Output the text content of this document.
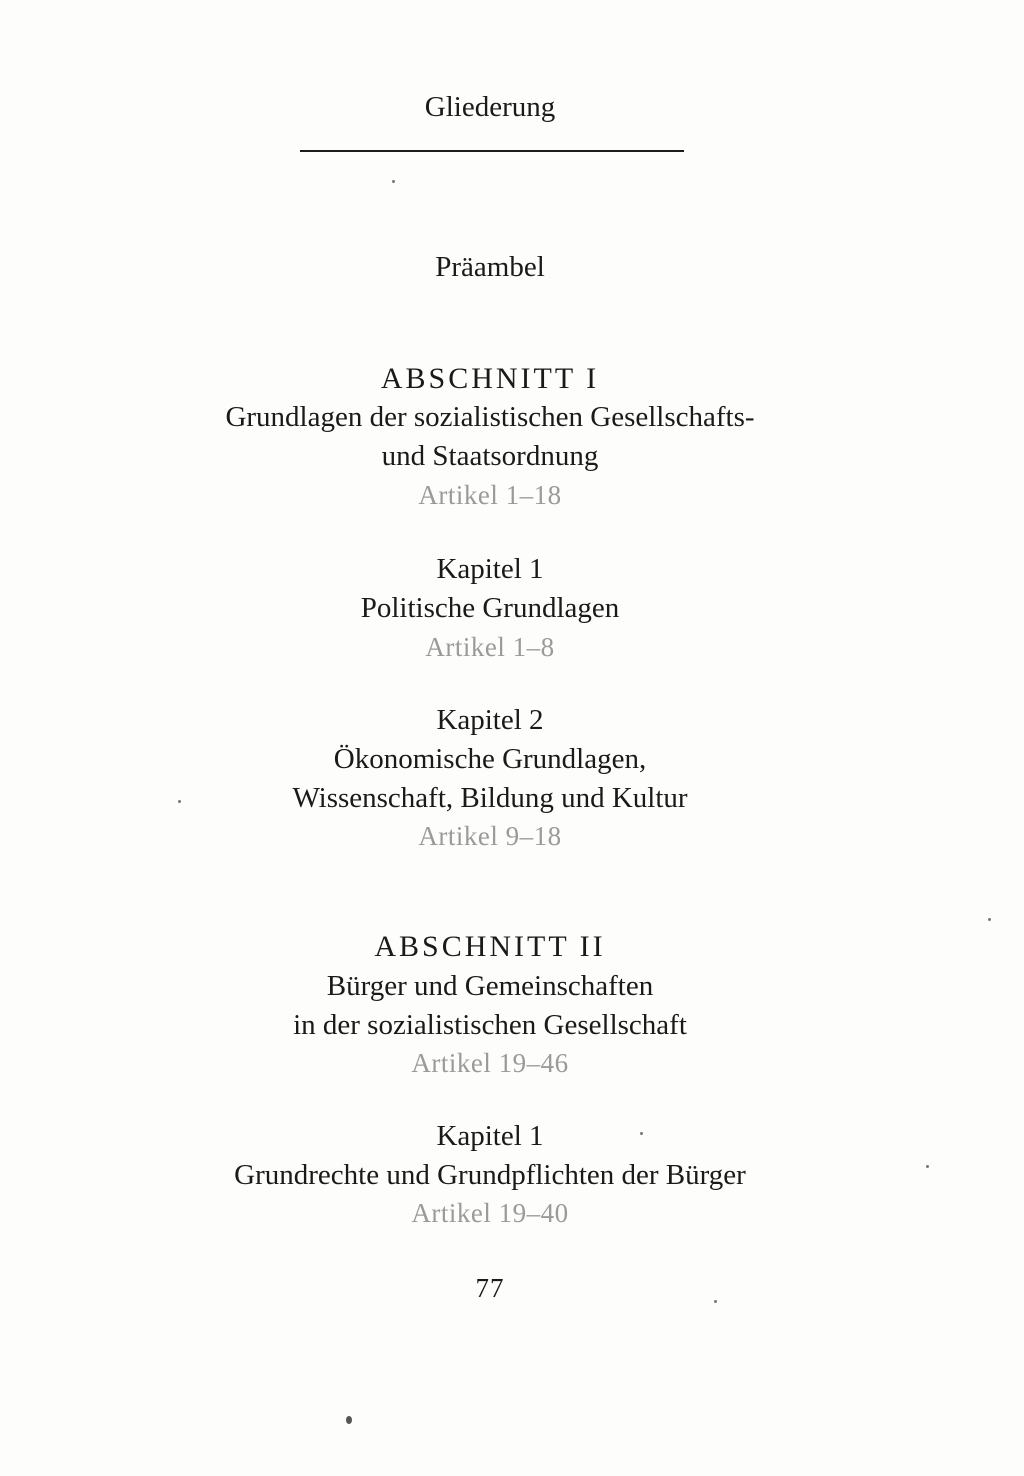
Gliederung
Präambel
ABSCHNITT I
Grundlagen der sozialistischen Gesellschafts-
und Staatsordnung
Artikel 1–18
Kapitel 1
Politische Grundlagen
Artikel 1–8
Kapitel 2
Ökonomische Grundlagen,
Wissenschaft, Bildung und Kultur
Artikel 9–18
ABSCHNITT II
Bürger und Gemeinschaften
in der sozialistischen Gesellschaft
Artikel 19–46
Kapitel 1
Grundrechte und Grundpflichten der Bürger
Artikel 19–40
77
